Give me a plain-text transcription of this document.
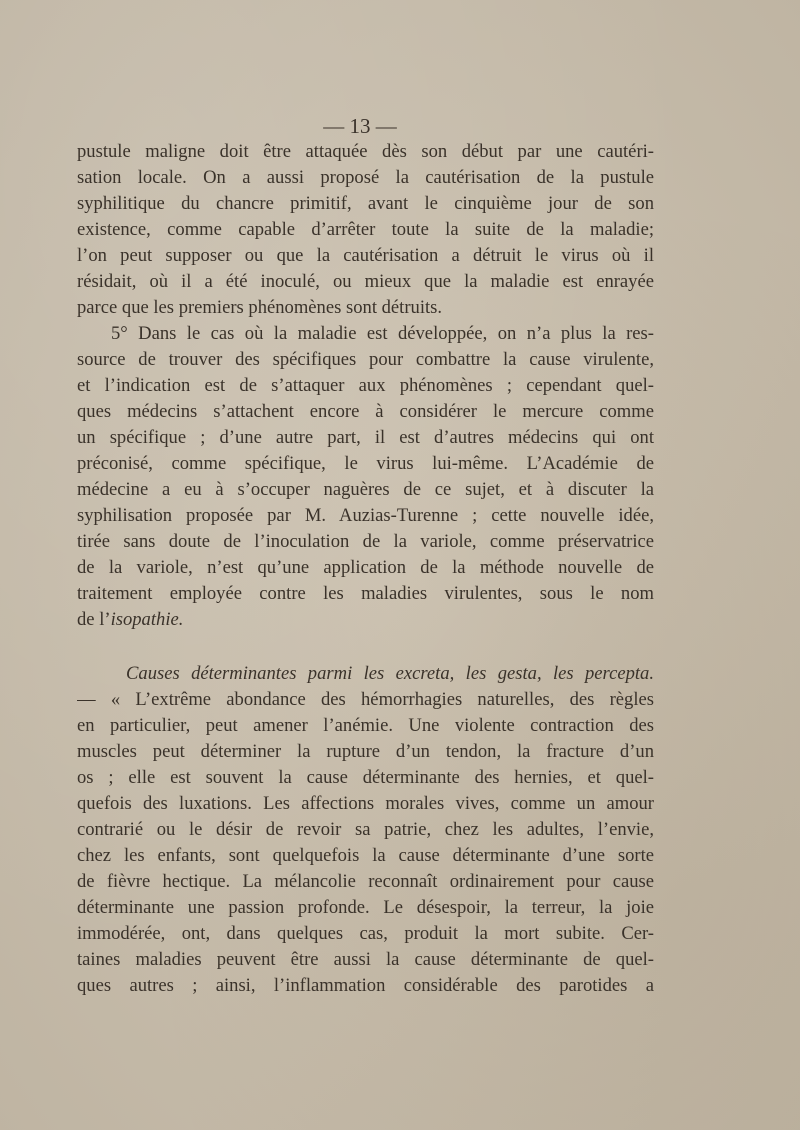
— 13 —
pustule maligne doit être attaquée dès son début par une cautéri-
sation locale. On a aussi proposé la cautérisation de la pustule
syphilitique du chancre primitif, avant le cinquième jour de son
existence, comme capable d’arrêter toute la suite de la maladie;
l’on peut supposer ou que la cautérisation a détruit le virus où il
résidait, où il a été inoculé, ou mieux que la maladie est enrayée
parce que les premiers phénomènes sont détruits.
5° Dans le cas où la maladie est développée, on n’a plus la res-
source de trouver des spécifiques pour combattre la cause virulente,
et l’indication est de s’attaquer aux phénomènes ; cependant quel-
ques médecins s’attachent encore à considérer le mercure comme
un spécifique ; d’une autre part, il est d’autres médecins qui ont
préconisé, comme spécifique, le virus lui-même. L’Académie de
médecine a eu à s’occuper naguères de ce sujet, et à discuter la
syphilisation proposée par M. Auzias-Turenne ; cette nouvelle idée,
tirée sans doute de l’inoculation de la variole, comme préservatrice
de la variole, n’est qu’une application de la méthode nouvelle de
traitement employée contre les maladies virulentes, sous le nom
de l’isopathie.
Causes déterminantes parmi les excreta, les gesta, les percepta.
— « L’extrême abondance des hémorrhagies naturelles, des règles
en particulier, peut amener l’anémie. Une violente contraction des
muscles peut déterminer la rupture d’un tendon, la fracture d’un
os ; elle est souvent la cause déterminante des hernies, et quel-
quefois des luxations. Les affections morales vives, comme un amour
contrarié ou le désir de revoir sa patrie, chez les adultes, l’envie,
chez les enfants, sont quelquefois la cause déterminante d’une sorte
de fièvre hectique. La mélancolie reconnaît ordinairement pour cause
déterminante une passion profonde. Le désespoir, la terreur, la joie
immodérée, ont, dans quelques cas, produit la mort subite. Cer-
taines maladies peuvent être aussi la cause déterminante de quel-
ques autres ; ainsi, l’inflammation considérable des parotides a
